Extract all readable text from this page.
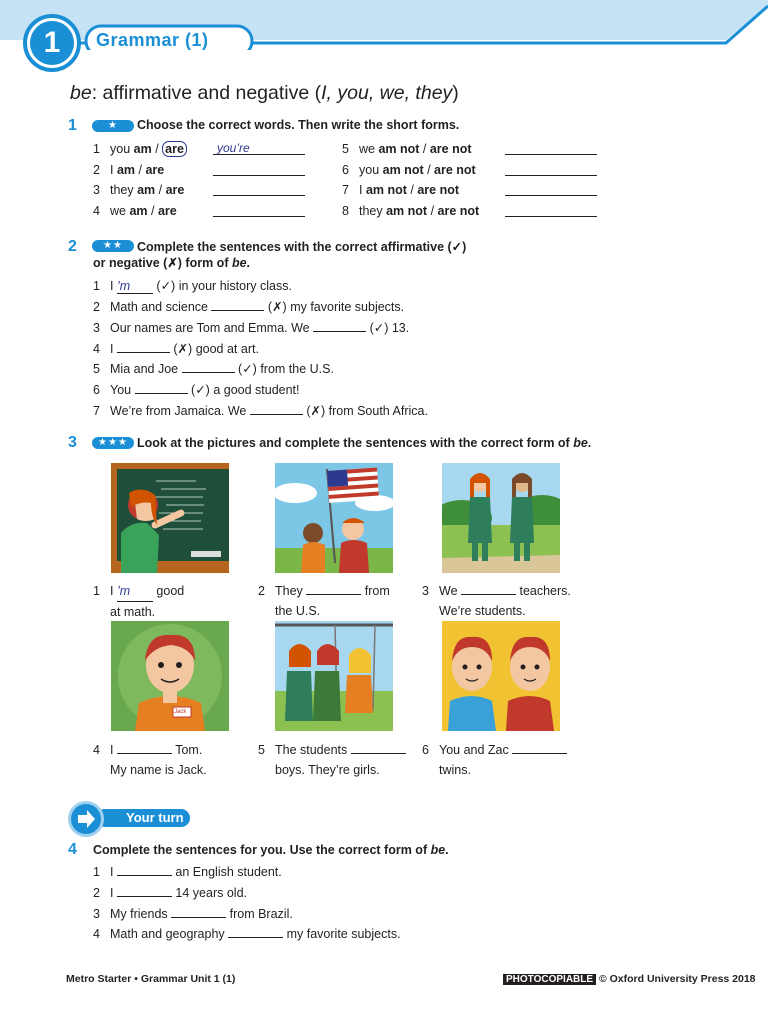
1	Grammar (1)
be: affirmative and negative (I, you, we, they)
1	★	Choose the correct words. Then write the short forms.
1 you am / are	you’re
2 I am / are
3 they am / are
4 we am / are
5 we am not / are not
6 you am not / are not
7 I am not / are not
8 they am not / are not
2	★★	Complete the sentences with the correct affirmative (✓)
or negative (✗) form of be.
1 I ’m (✓) in your history class.
2 Math and science	(✗) my favorite subjects.
3 Our names are Tom and Emma. We	(✓) 13.
4 I	(✗) good at art.
5 Mia and Joe	(✓) from the U.S.
6 You	(✓) a good student!
7 We’re from Jamaica. We	(✗) from South Africa.
3	★★★ Look at the pictures and complete the sentences with the correct form of be.
Jack
1 I ’m good
at math.
2 They	from
the U.S.
3 We	teachers.
We’re students.
4 I	Tom.
My name is Jack.
5 The students
boys. They’re girls.
6 You and Zac
twins.
Your turn
4 Complete the sentences for you. Use the correct form of be.
1 I	an English student.
2 I	14 years old.
3 My friends	from Brazil.
4 Math and geography	my favorite subjects.
Metro Starter • Grammar Unit 1 (1)	PHOTOCOPIABLE © Oxford University Press 2018
